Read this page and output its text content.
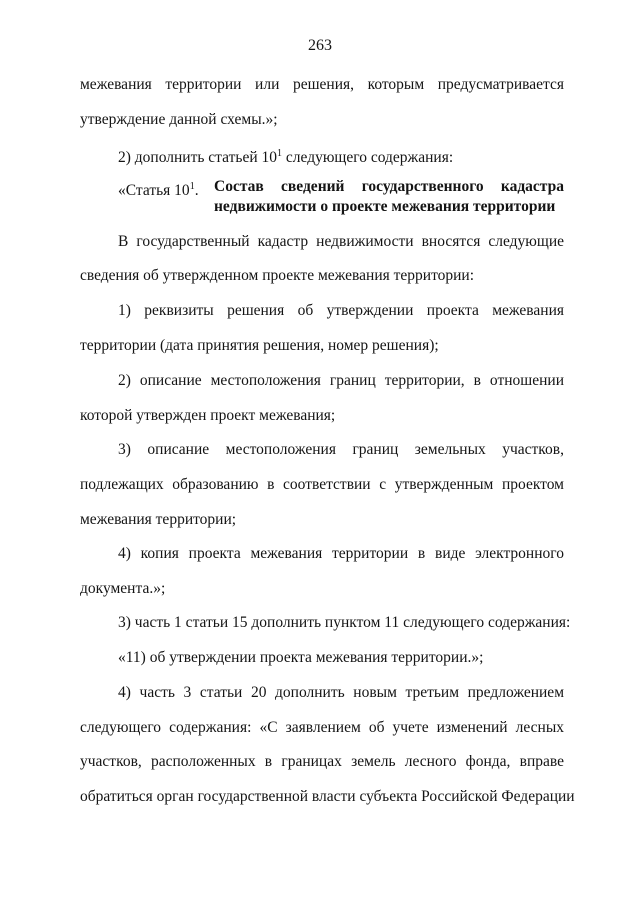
263
межевания территории или решения, которым предусматривается
утверждение данной схемы.»;
2) дополнить статьей $10^1$ следующего содержания:
«Статья $10^1$. Состав сведений государственного кадастра
недвижимости о проекте межевания территории
В государственный кадастр недвижимости вносятся следующие
сведения об утвержденном проекте межевания территории:
1) реквизиты решения об утверждении проекта межевания
территории (дата принятия решения, номер решения);
2) описание местоположения границ территории, в отношении
которой утвержден проект межевания;
3) описание местоположения границ земельных участков,
подлежащих образованию в соответствии с утвержденным проектом
межевания территории;
4) копия проекта межевания территории в виде электронного
документа.»;
3) часть 1 статьи 15 дополнить пунктом 11 следующего содержания:
«11) об утверждении проекта межевания территории.»;
4) часть 3 статьи 20 дополнить новым третьим предложением
следующего содержания: «С заявлением об учете изменений лесных
участков, расположенных в границах земель лесного фонда, вправе
обратиться орган государственной власти субъекта Российской Федерации
